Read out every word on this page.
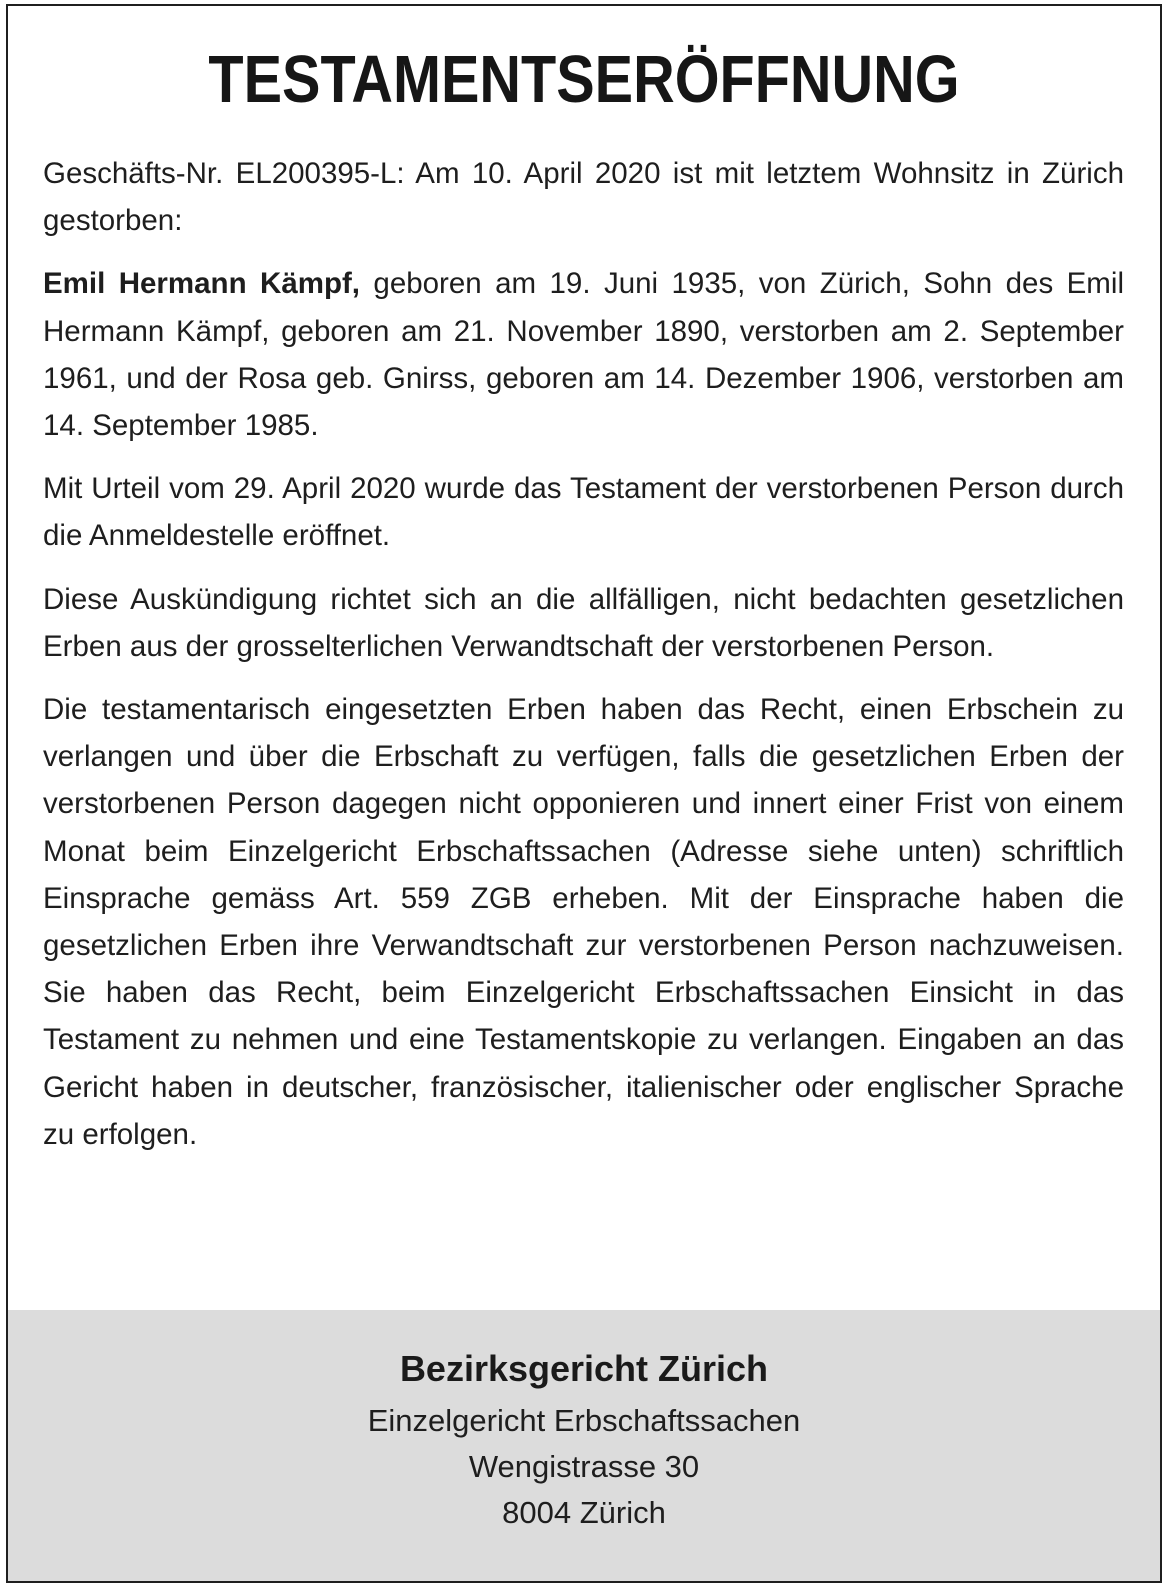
TESTAMENTSERÖFFNUNG

Geschäfts-Nr. EL200395-L: Am 10. April 2020 ist mit letztem Wohnsitz in Zürich gestorben:

Emil Hermann Kämpf, geboren am 19. Juni 1935, von Zürich, Sohn des Emil Hermann Kämpf, geboren am 21. November 1890, verstorben am 2. September 1961, und der Rosa geb. Gnirss, geboren am 14. Dezember 1906, verstorben am 14. September 1985.

Mit Urteil vom 29. April 2020 wurde das Testament der verstorbenen Person durch die Anmeldestelle eröffnet.

Diese Auskündigung richtet sich an die allfälligen, nicht bedachten gesetzlichen Erben aus der grosselterlichen Verwandtschaft der verstorbenen Person.

Die testamentarisch eingesetzten Erben haben das Recht, einen Erbschein zu verlangen und über die Erbschaft zu verfügen, falls die gesetzlichen Erben der verstorbenen Person dagegen nicht opponieren und innert einer Frist von einem Monat beim Einzelgericht Erbschaftssachen (Adresse siehe unten) schriftlich Einsprache gemäss Art. 559 ZGB erheben. Mit der Einsprache haben die gesetzlichen Erben ihre Verwandtschaft zur verstorbenen Person nachzuweisen. Sie haben das Recht, beim Einzelgericht Erbschaftssachen Einsicht in das Testament zu nehmen und eine Testamentskopie zu verlangen. Eingaben an das Gericht haben in deutscher, französischer, italienischer oder englischer Sprache zu erfolgen.

Bezirksgericht Zürich

Einzelgericht Erbschaftssachen

Wengistrasse 30

8004 Zürich
